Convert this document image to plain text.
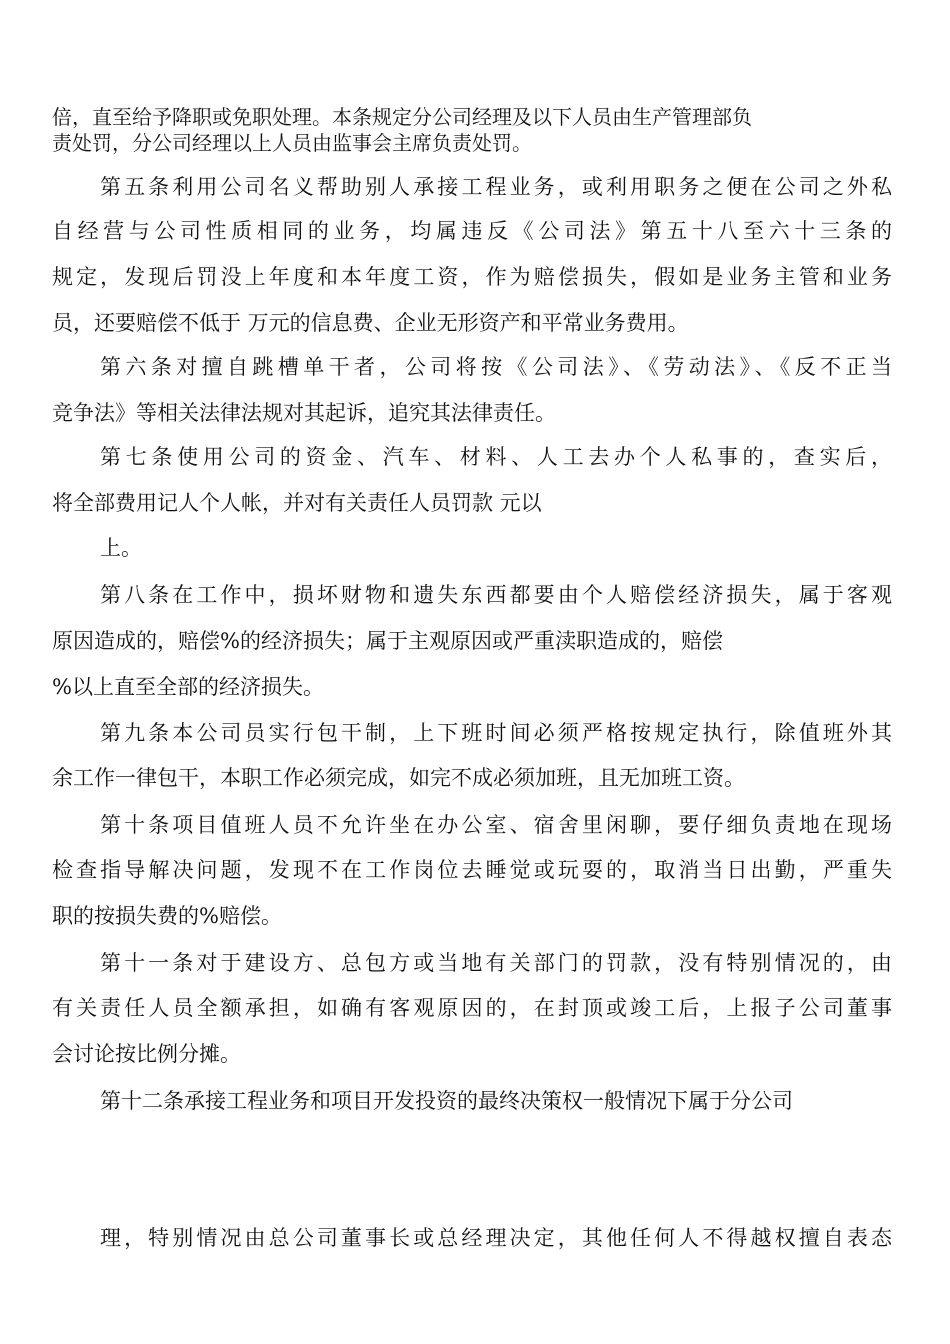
倍，直至给予降职或免职处理。本条规定分公司经理及以下人员由生产管理部负
责处罚，分公司经理以上人员由监事会主席负责处罚。
第五条利用公司名义帮助别人承接工程业务，或利用职务之便在公司之外私
自经营与公司性质相同的业务，均属违反《公司法》第五十八至六十三条的
规定，发现后罚没上年度和本年度工资，作为赔偿损失，假如是业务主管和业务
员，还要赔偿不低于 万元的信息费、企业无形资产和平常业务费用。
第六条对擅自跳槽单干者，公司将按《公司法》、《劳动法》、《反不正当
竞争法》等相关法律法规对其起诉，追究其法律责任。
第七条使用公司的资金、汽车、材料、人工去办个人私事的，查实后，
将全部费用记人个人帐，并对有关责任人员罚款 元以
上。
第八条在工作中，损坏财物和遗失东西都要由个人赔偿经济损失，属于客观
原因造成的，赔偿%的经济损失；属于主观原因或严重渎职造成的，赔偿
%以上直至全部的经济损失。
第九条本公司员实行包干制，上下班时间必须严格按规定执行，除值班外其
余工作一律包干，本职工作必须完成，如完不成必须加班，且无加班工资。
第十条项目值班人员不允许坐在办公室、宿舍里闲聊，要仔细负责地在现场
检查指导解决问题，发现不在工作岗位去睡觉或玩耍的，取消当日出勤，严重失
职的按损失费的%赔偿。
第十一条对于建设方、总包方或当地有关部门的罚款，没有特别情况的，由
有关责任人员全额承担，如确有客观原因的，在封顶或竣工后，上报子公司董事
会讨论按比例分摊。
第十二条承接工程业务和项目开发投资的最终决策权一般情况下属于分公司
理，特别情况由总公司董事长或总经理决定，其他任何人不得越权擅自表态
